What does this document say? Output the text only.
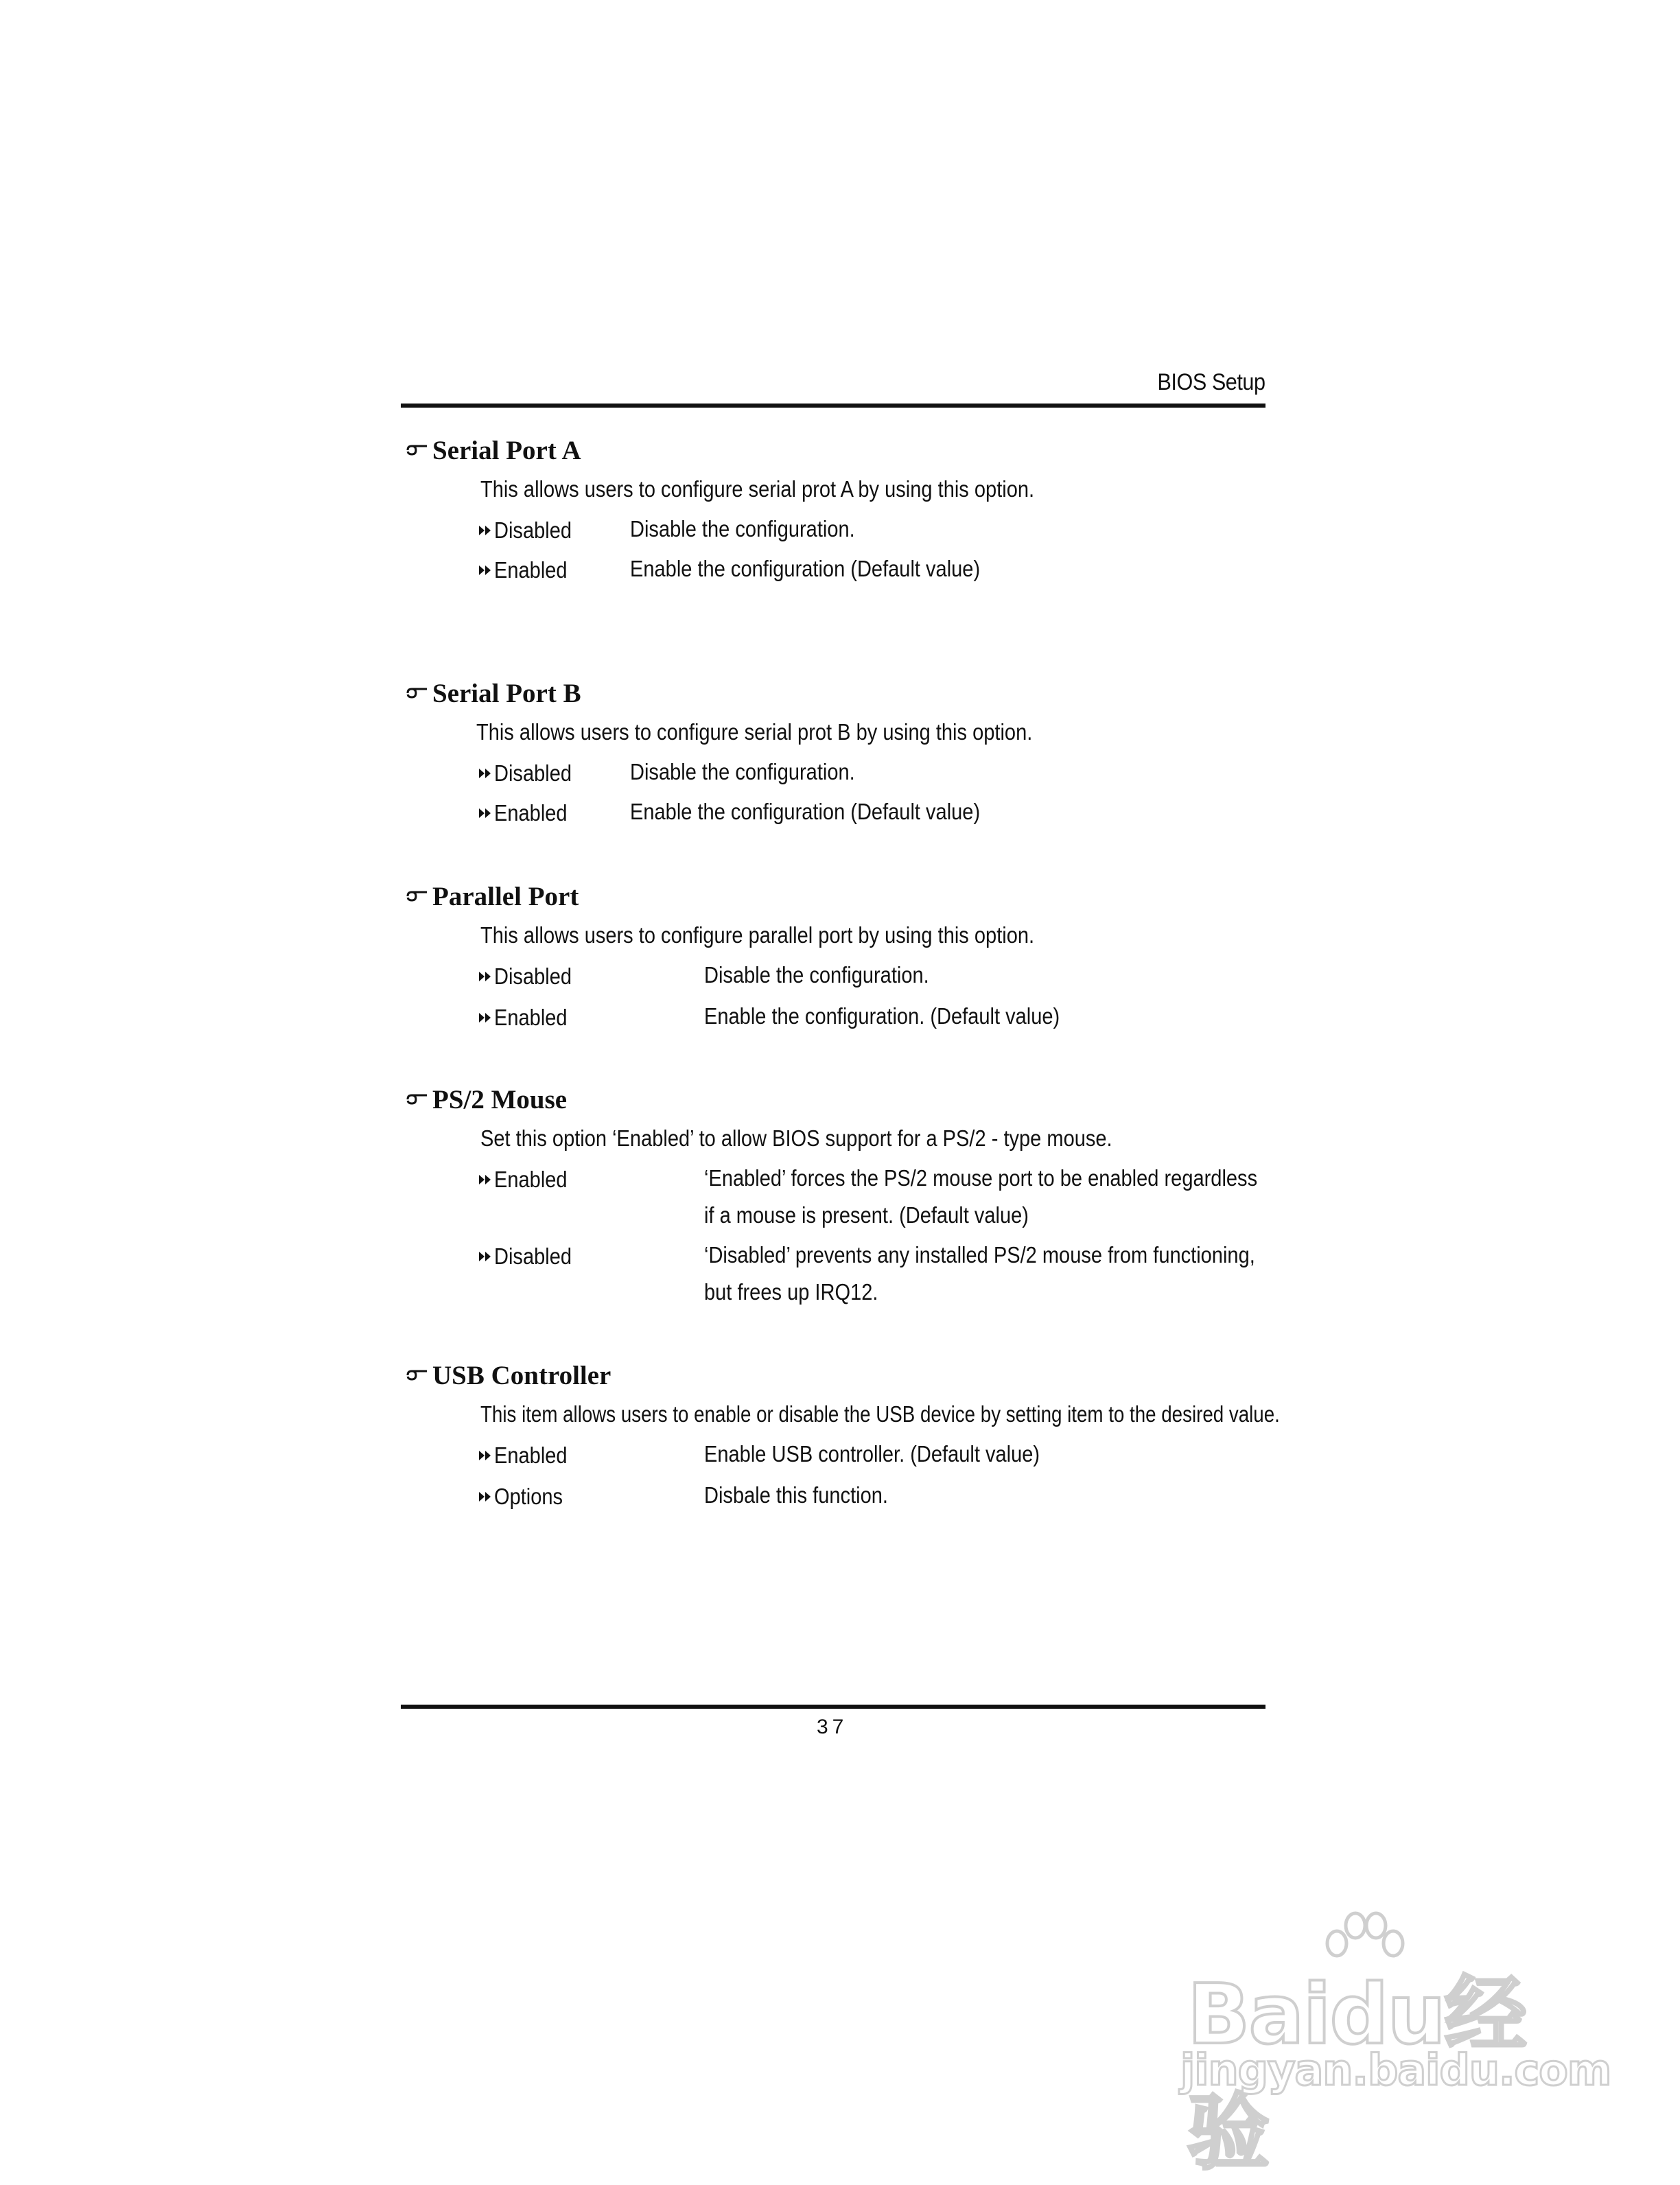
BIOS Setup
Serial Port A
This allows users to configure serial prot A by using this option.
Disabled	Disable the configuration.
Enabled	Enable the configuration (Default value)
Serial Port B
This allows users to configure serial prot B by using this option.
Disabled	Disable the configuration.
Enabled	Enable the configuration (Default value)
Parallel Port
This allows users to configure parallel port by using this option.
Disabled	Disable the configuration.
Enabled	Enable the configuration. (Default value)
PS/2 Mouse
Set this option ‘Enabled’ to allow BIOS support for a PS/2 - type mouse.
Enabled	‘Enabled’ forces the PS/2 mouse port to be enabled regardless if a mouse is present. (Default value)
Disabled	‘Disabled’ prevents any installed PS/2 mouse from functioning, but frees up IRQ12.
USB Controller
This item allows users to enable or disable the USB device by setting item to the desired value.
Enabled	Enable USB controller. (Default value)
Options	Disbale this function.
37
Baidu经验
jingyan.baidu.com
